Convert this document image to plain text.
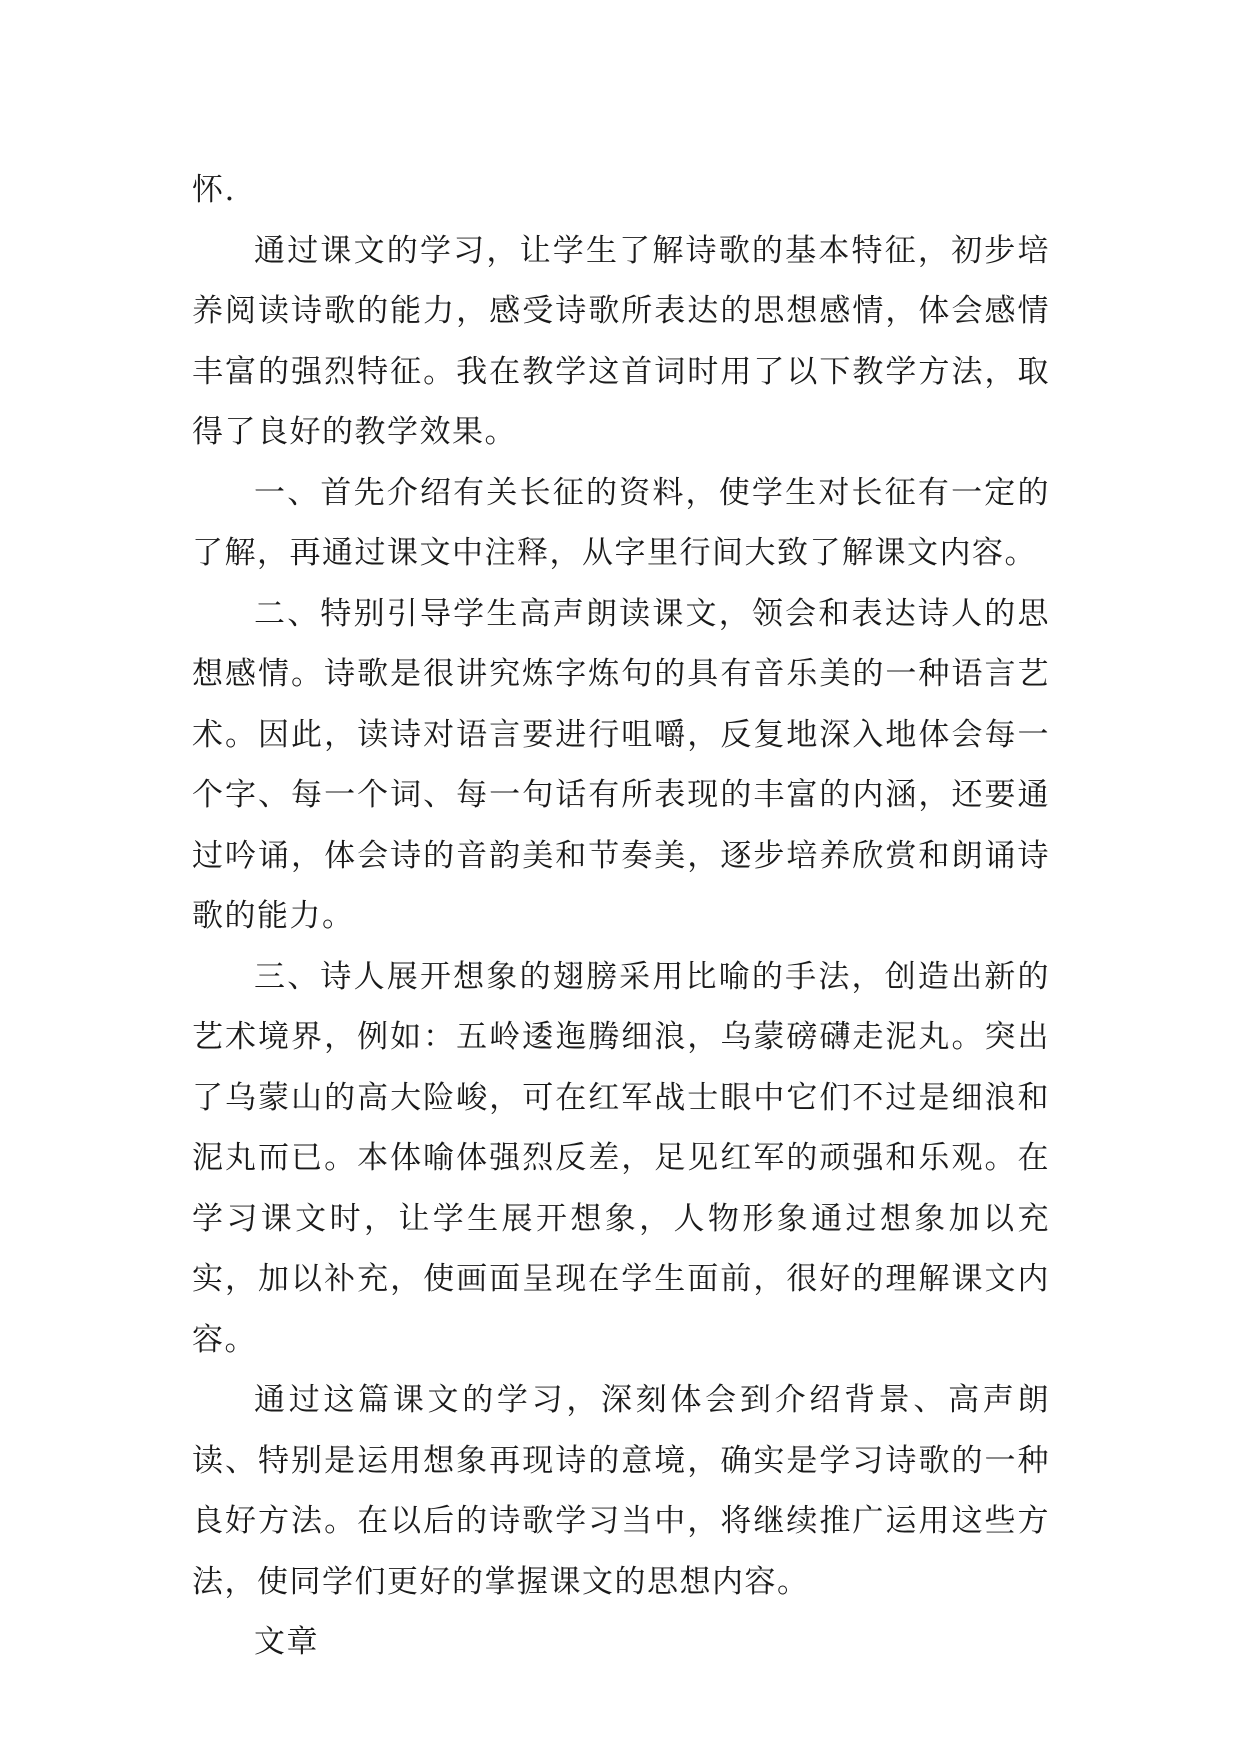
怀.

通过课文的学习，让学生了解诗歌的基本特征，初步培养阅读诗歌的能力，感受诗歌所表达的思想感情，体会感情丰富的强烈特征。我在教学这首词时用了以下教学方法，取得了良好的教学效果。

一、首先介绍有关长征的资料，使学生对长征有一定的了解，再通过课文中注释，从字里行间大致了解课文内容。

二、特别引导学生高声朗读课文，领会和表达诗人的思想感情。诗歌是很讲究炼字炼句的具有音乐美的一种语言艺术。因此，读诗对语言要进行咀嚼，反复地深入地体会每一个字、每一个词、每一句话有所表现的丰富的内涵，还要通过吟诵，体会诗的音韵美和节奏美，逐步培养欣赏和朗诵诗歌的能力。

三、诗人展开想象的翅膀采用比喻的手法，创造出新的艺术境界，例如：五岭逶迤腾细浪，乌蒙磅礴走泥丸。突出了乌蒙山的高大险峻，可在红军战士眼中它们不过是细浪和泥丸而已。本体喻体强烈反差，足见红军的顽强和乐观。在学习课文时，让学生展开想象，人物形象通过想象加以充实，加以补充，使画面呈现在学生面前，很好的理解课文内容。

通过这篇课文的学习，深刻体会到介绍背景、高声朗读、特别是运用想象再现诗的意境，确实是学习诗歌的一种良好方法。在以后的诗歌学习当中，将继续推广运用这些方法，使同学们更好的掌握课文的思想内容。

文章
